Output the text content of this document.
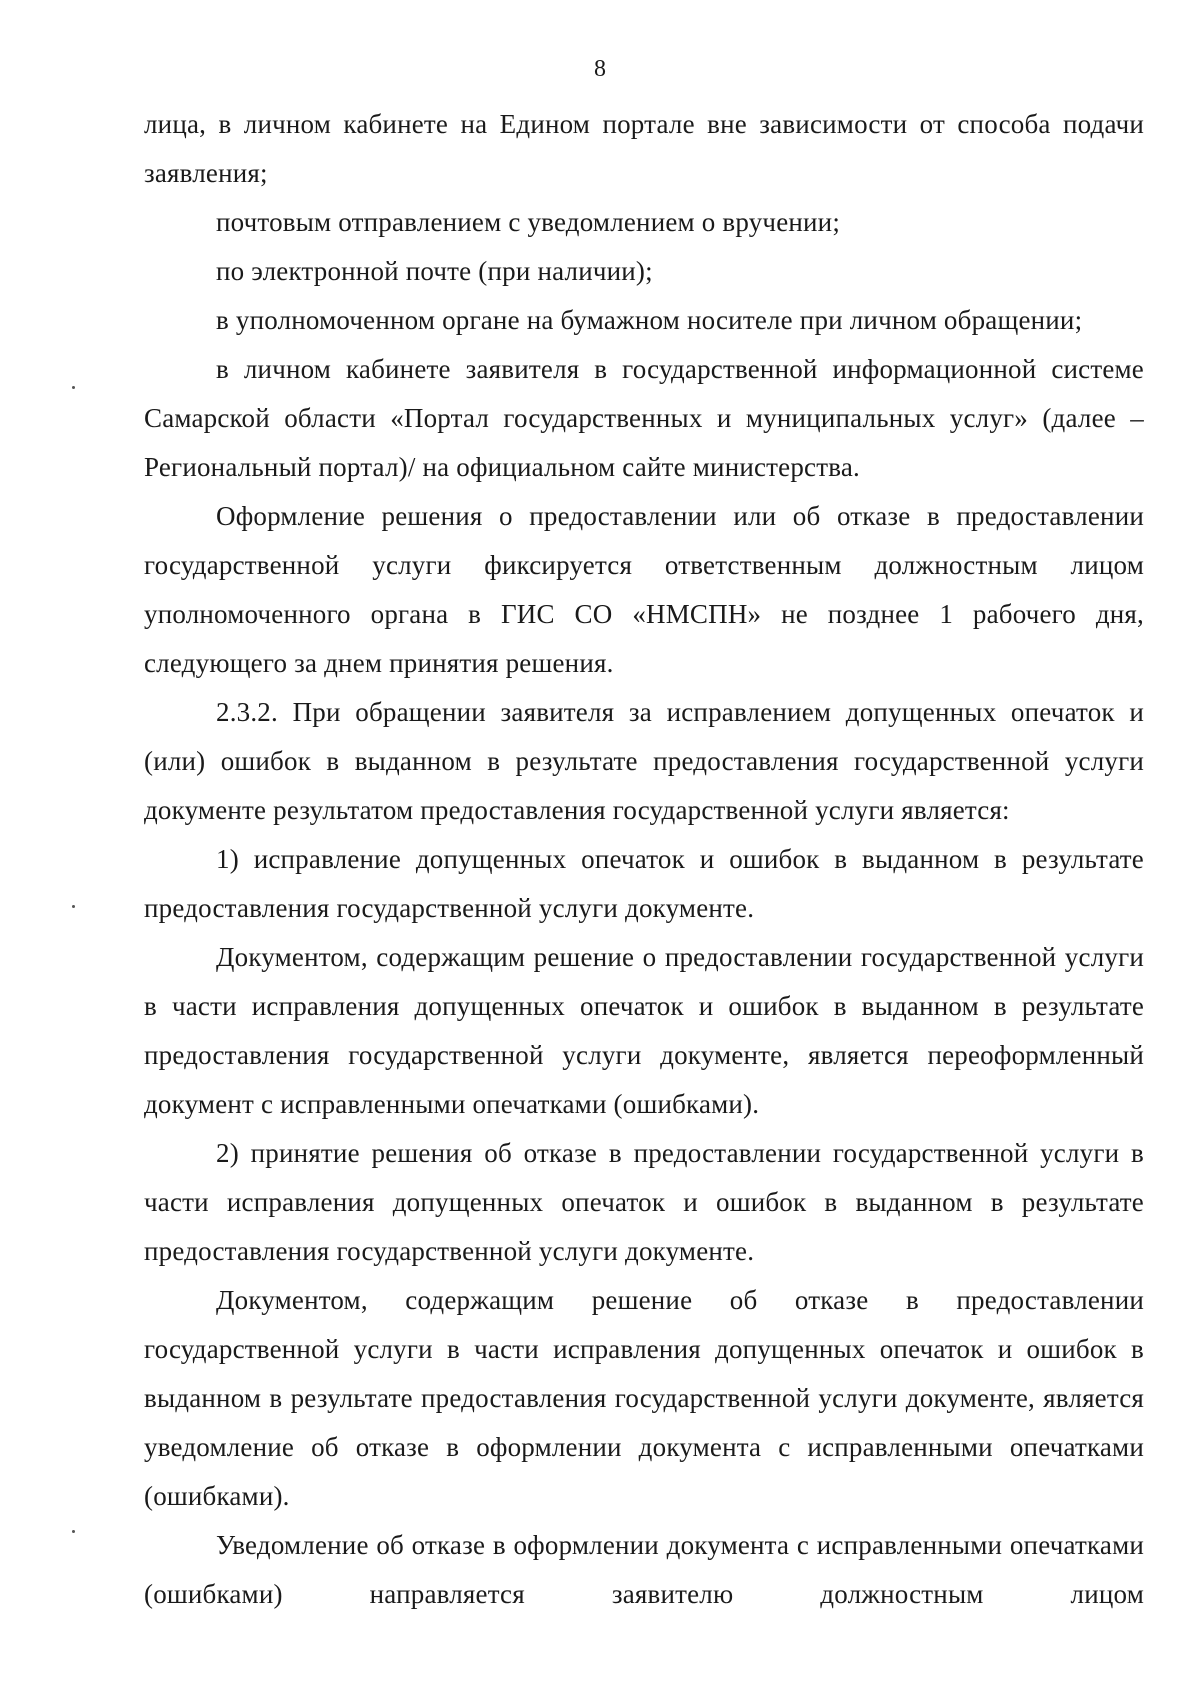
8

лица, в личном кабинете на Едином портале вне зависимости от способа подачи заявления;

почтовым отправлением с уведомлением о вручении;

по электронной почте (при наличии);

в уполномоченном органе на бумажном носителе при личном обращении;

в личном кабинете заявителя в государственной информационной системе Самарской области «Портал государственных и муниципальных услуг» (далее – Региональный портал)/ на официальном сайте министерства.

Оформление решения о предоставлении или об отказе в предоставлении государственной услуги фиксируется ответственным должностным лицом уполномоченного органа в ГИС СО «НМСПН» не позднее 1 рабочего дня, следующего за днем принятия решения.

2.3.2. При обращении заявителя за исправлением допущенных опечаток и (или) ошибок в выданном в результате предоставления государственной услуги документе результатом предоставления государственной услуги является:

1) исправление допущенных опечаток и ошибок в выданном в результате предоставления государственной услуги документе.

Документом, содержащим решение о предоставлении государственной услуги в части исправления допущенных опечаток и ошибок в выданном в результате предоставления государственной услуги документе, является переоформленный документ с исправленными опечатками (ошибками).

2) принятие решения об отказе в предоставлении государственной услуги в части исправления допущенных опечаток и ошибок в выданном в результате предоставления государственной услуги документе.

Документом, содержащим решение об отказе в предоставлении государственной услуги в части исправления допущенных опечаток и ошибок в выданном в результате предоставления государственной услуги документе, является уведомление об отказе в оформлении документа с исправленными опечатками (ошибками).

Уведомление об отказе в оформлении документа с исправленными опечатками (ошибками) направляется заявителю должностным лицом
